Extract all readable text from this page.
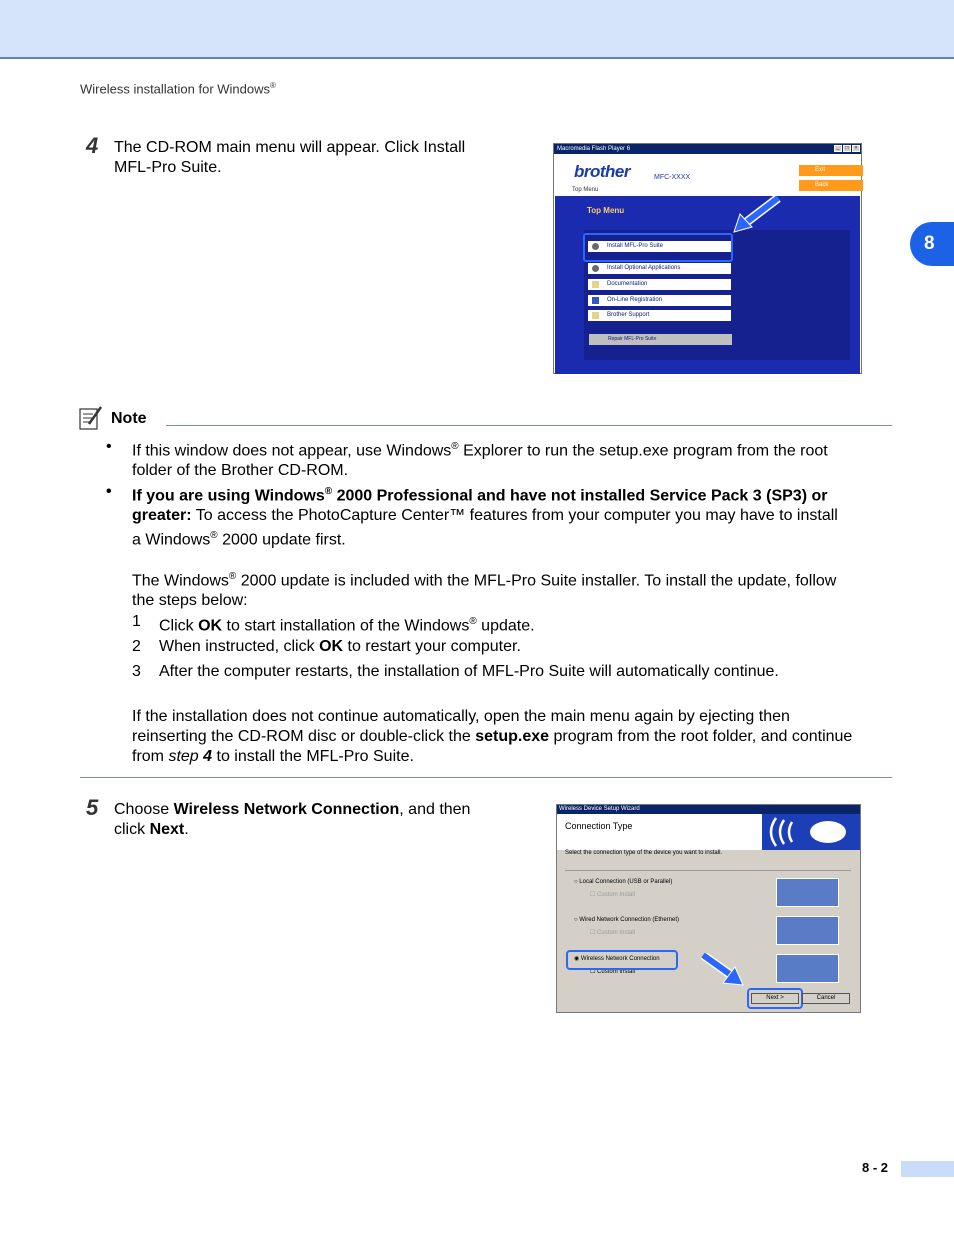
Wireless installation for Windows®
8
4 The CD-ROM main menu will appear. Click Install
MFL-Pro Suite.
Macromedia Flash Player 6	_	□	×
brother	MFC-XXXX
Top Menu
Exit
Back
Top Menu
Install MFL-Pro Suite
Install Optional Applications
Documentation
On-Line Registration
Brother Support
Repair MFL-Pro Suite
Note
• If this window does not appear, use Windows® Explorer to run the setup.exe program from the root
folder of the Brother CD-ROM.
• If you are using Windows® 2000 Professional and have not installed Service Pack 3 (SP3) or
greater: To access the PhotoCapture Center™ features from your computer you may have to install
a Windows® 2000 update first.
The Windows® 2000 update is included with the MFL-Pro Suite installer. To install the update, follow
the steps below:
1 Click OK to start installation of the Windows® update.
2 When instructed, click OK to restart your computer.
3 After the computer restarts, the installation of MFL-Pro Suite will automatically continue.
If the installation does not continue automatically, open the main menu again by ejecting then
reinserting the CD-ROM disc or double-click the setup.exe program from the root folder, and continue
from step 4 to install the MFL-Pro Suite.
5 Choose Wireless Network Connection, and then
click Next.
Wireless Device Setup Wizard
Connection Type
Select the connection type of the device you want to install.
○ Local Connection (USB or Parallel)
☐ Custom Install
○ Wired Network Connection (Ethernet)
☐ Custom Install
◉ Wireless Network Connection
☐ Custom Install
Next >	Cancel
8 - 2
